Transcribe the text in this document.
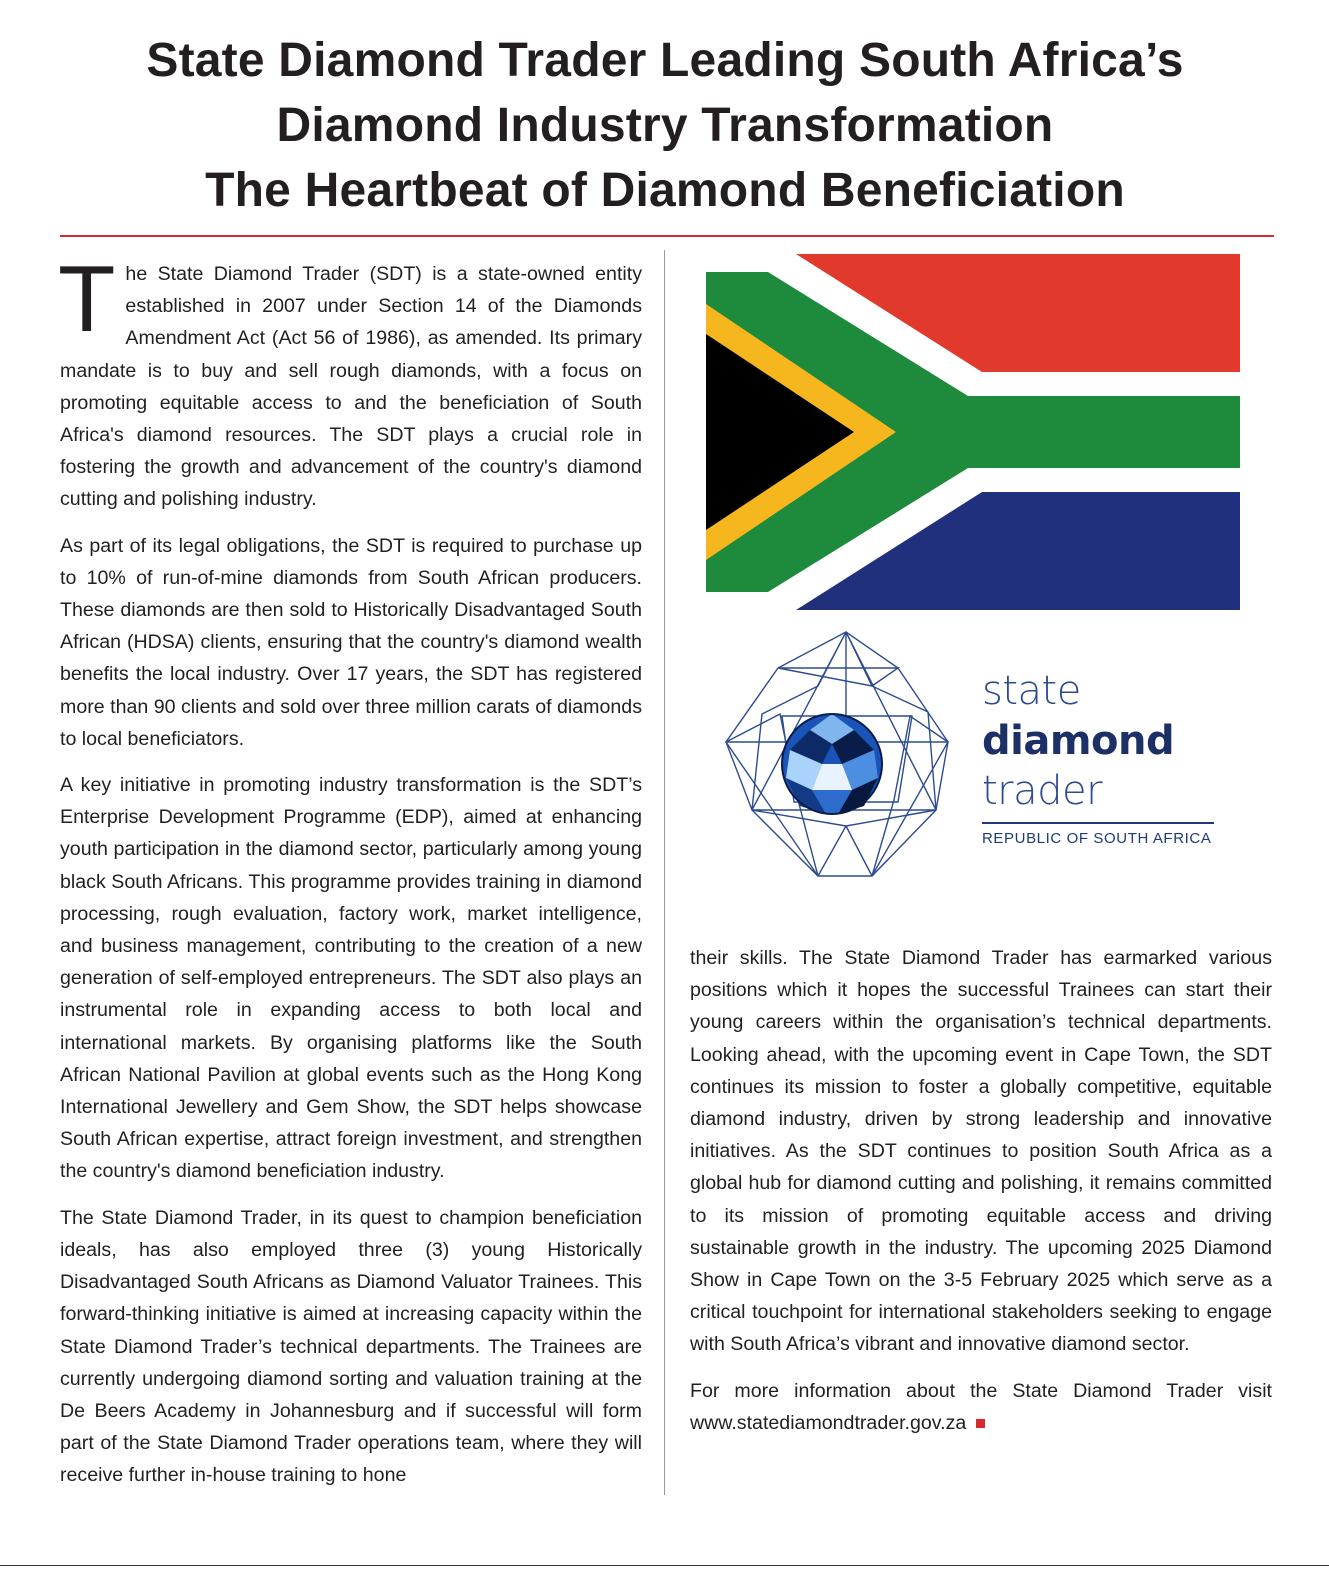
State Diamond Trader Leading South Africa’s
Diamond Industry Transformation
The Heartbeat of Diamond Beneficiation

The State Diamond Trader (SDT) is a state-owned entity established in 2007 under Section 14 of the Diamonds Amendment Act (Act 56 of 1986), as amended. Its primary mandate is to buy and sell rough diamonds, with a focus on promoting equitable access to and the beneficiation of South Africa's diamond resources. The SDT plays a crucial role in fostering the growth and advancement of the country's diamond cutting and polishing industry.

As part of its legal obligations, the SDT is required to purchase up to 10% of run-of-mine diamonds from South African producers. These diamonds are then sold to Historically Disadvantaged South African (HDSA) clients, ensuring that the country's diamond wealth benefits the local industry. Over 17 years, the SDT has registered more than 90 clients and sold over three million carats of diamonds to local beneficiators.

A key initiative in promoting industry transformation is the SDT’s Enterprise Development Programme (EDP), aimed at enhancing youth participation in the diamond sector, particularly among young black South Africans. This programme provides training in diamond processing, rough evaluation, factory work, market intelligence, and business management, contributing to the creation of a new generation of self-employed entrepreneurs. The SDT also plays an instrumental role in expanding access to both local and international markets. By organising platforms like the South African National Pavilion at global events such as the Hong Kong International Jewellery and Gem Show, the SDT helps showcase South African expertise, attract foreign investment, and strengthen the country's diamond beneficiation industry.

The State Diamond Trader, in its quest to champion beneficiation ideals, has also employed three (3) young Historically Disadvantaged South Africans as Diamond Valuator Trainees. This forward-thinking initiative is aimed at increasing capacity within the State Diamond Trader’s technical departments. The Trainees are currently undergoing diamond sorting and valuation training at the De Beers Academy in Johannesburg and if successful will form part of the State Diamond Trader operations team, where they will receive further in-house training to hone

state
diamond
trader
REPUBLIC OF SOUTH AFRICA

their skills. The State Diamond Trader has earmarked various positions which it hopes the successful Trainees can start their young careers within the organisation’s technical departments. Looking ahead, with the upcoming event in Cape Town, the SDT continues its mission to foster a globally competitive, equitable diamond industry, driven by strong leadership and innovative initiatives. As the SDT continues to position South Africa as a global hub for diamond cutting and polishing, it remains committed to its mission of promoting equitable access and driving sustainable growth in the industry. The upcoming 2025 Diamond Show in Cape Town on the 3-5 February 2025 which serve as a critical touchpoint for international stakeholders seeking to engage with South Africa’s vibrant and innovative diamond sector.

For more information about the State Diamond Trader visit www.statediamondtrader.gov.za
